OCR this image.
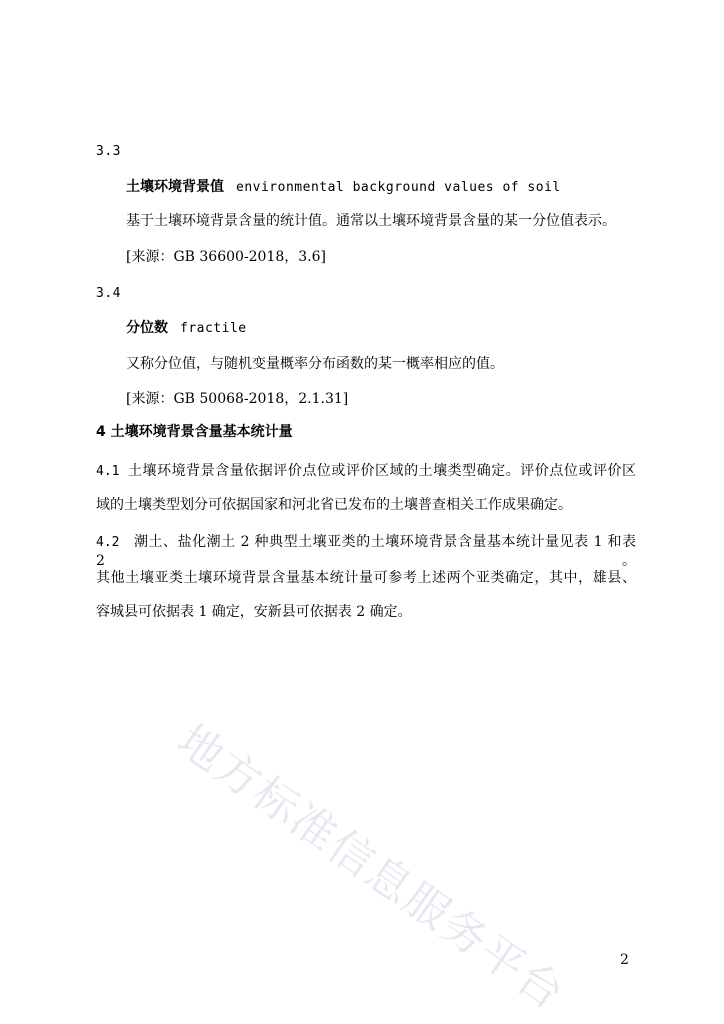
3.3
土壤环境背景值 environmental background values of soil
基于土壤环境背景含量的统计值。通常以土壤环境背景含量的某一分位值表示。
[来源：GB 36600-2018，3.6]
3.4
分位数 fractile
又称分位值，与随机变量概率分布函数的某一概率相应的值。
[来源：GB 50068-2018，2.1.31]
4 土壤环境背景含量基本统计量
4.1 土壤环境背景含量依据评价点位或评价区域的土壤类型确定。评价点位或评价区
域的土壤类型划分可依据国家和河北省已发布的土壤普查相关工作成果确定。
4.2 潮土、盐化潮土 2 种典型土壤亚类的土壤环境背景含量基本统计量见表 1 和表 2。
其他土壤亚类土壤环境背景含量基本统计量可参考上述两个亚类确定，其中，雄县、
容城县可依据表 1 确定，安新县可依据表 2 确定。
地方标准信息服务平台	2
